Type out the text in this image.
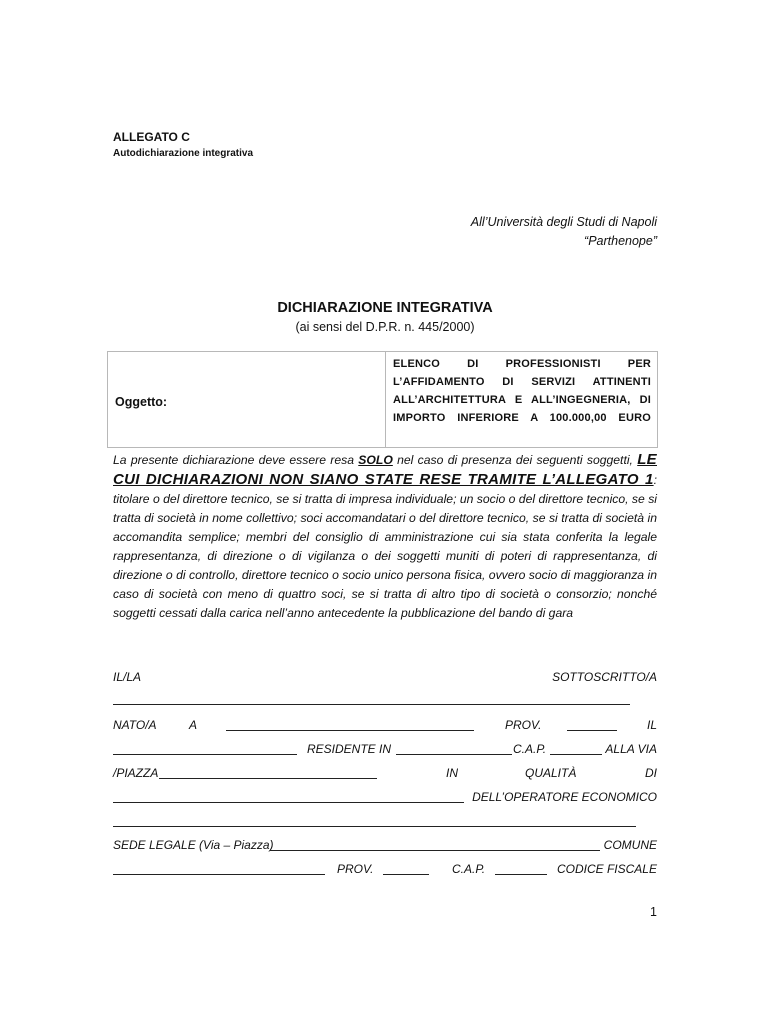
ALLEGATO C
Autodichiarazione integrativa
All’Università degli Studi di Napoli
“Parthenope”
DICHIARAZIONE INTEGRATIVA
(ai sensi del D.P.R. n. 445/2000)
Oggetto:
ELENCO DI PROFESSIONISTI PER
L’AFFIDAMENTO DI SERVIZI ATTINENTI
ALL’ARCHITETTURA E ALL’INGEGNERIA, DI
IMPORTO INFERIORE A 100.000,00 EURO
La presente dichiarazione deve essere resa SOLO nel caso di presenza dei seguenti soggetti, LE CUI DICHIARAZIONI NON SIANO STATE RESE TRAMITE L’ALLEGATO 1: titolare o del direttore tecnico, se si tratta di impresa individuale; un socio o del direttore tecnico, se si tratta di società in nome collettivo; soci accomandatari o del direttore tecnico, se si tratta di società in accomandita semplice; membri del consiglio di amministrazione cui sia stata conferita la legale rappresentanza, di direzione o di vigilanza o dei soggetti muniti di poteri di rappresentanza, di direzione o di controllo, direttore tecnico o socio unico persona fisica, ovvero socio di maggioranza in caso di società con meno di quattro soci, se si tratta di altro tipo di società o consorzio; nonché soggetti cessati dalla carica nell’anno antecedente la pubblicazione del bando di gara
IL/LA	SOTTOSCRITTO/A
NATO/A	A	PROV.	IL
RESIDENTE IN	C.A.P.	ALLA VIA
/PIAZZA	IN	QUALITÀ	DI
DELL’OPERATORE ECONOMICO
SEDE LEGALE (Via – Piazza)	COMUNE
PROV.	C.A.P.	CODICE FISCALE
1
